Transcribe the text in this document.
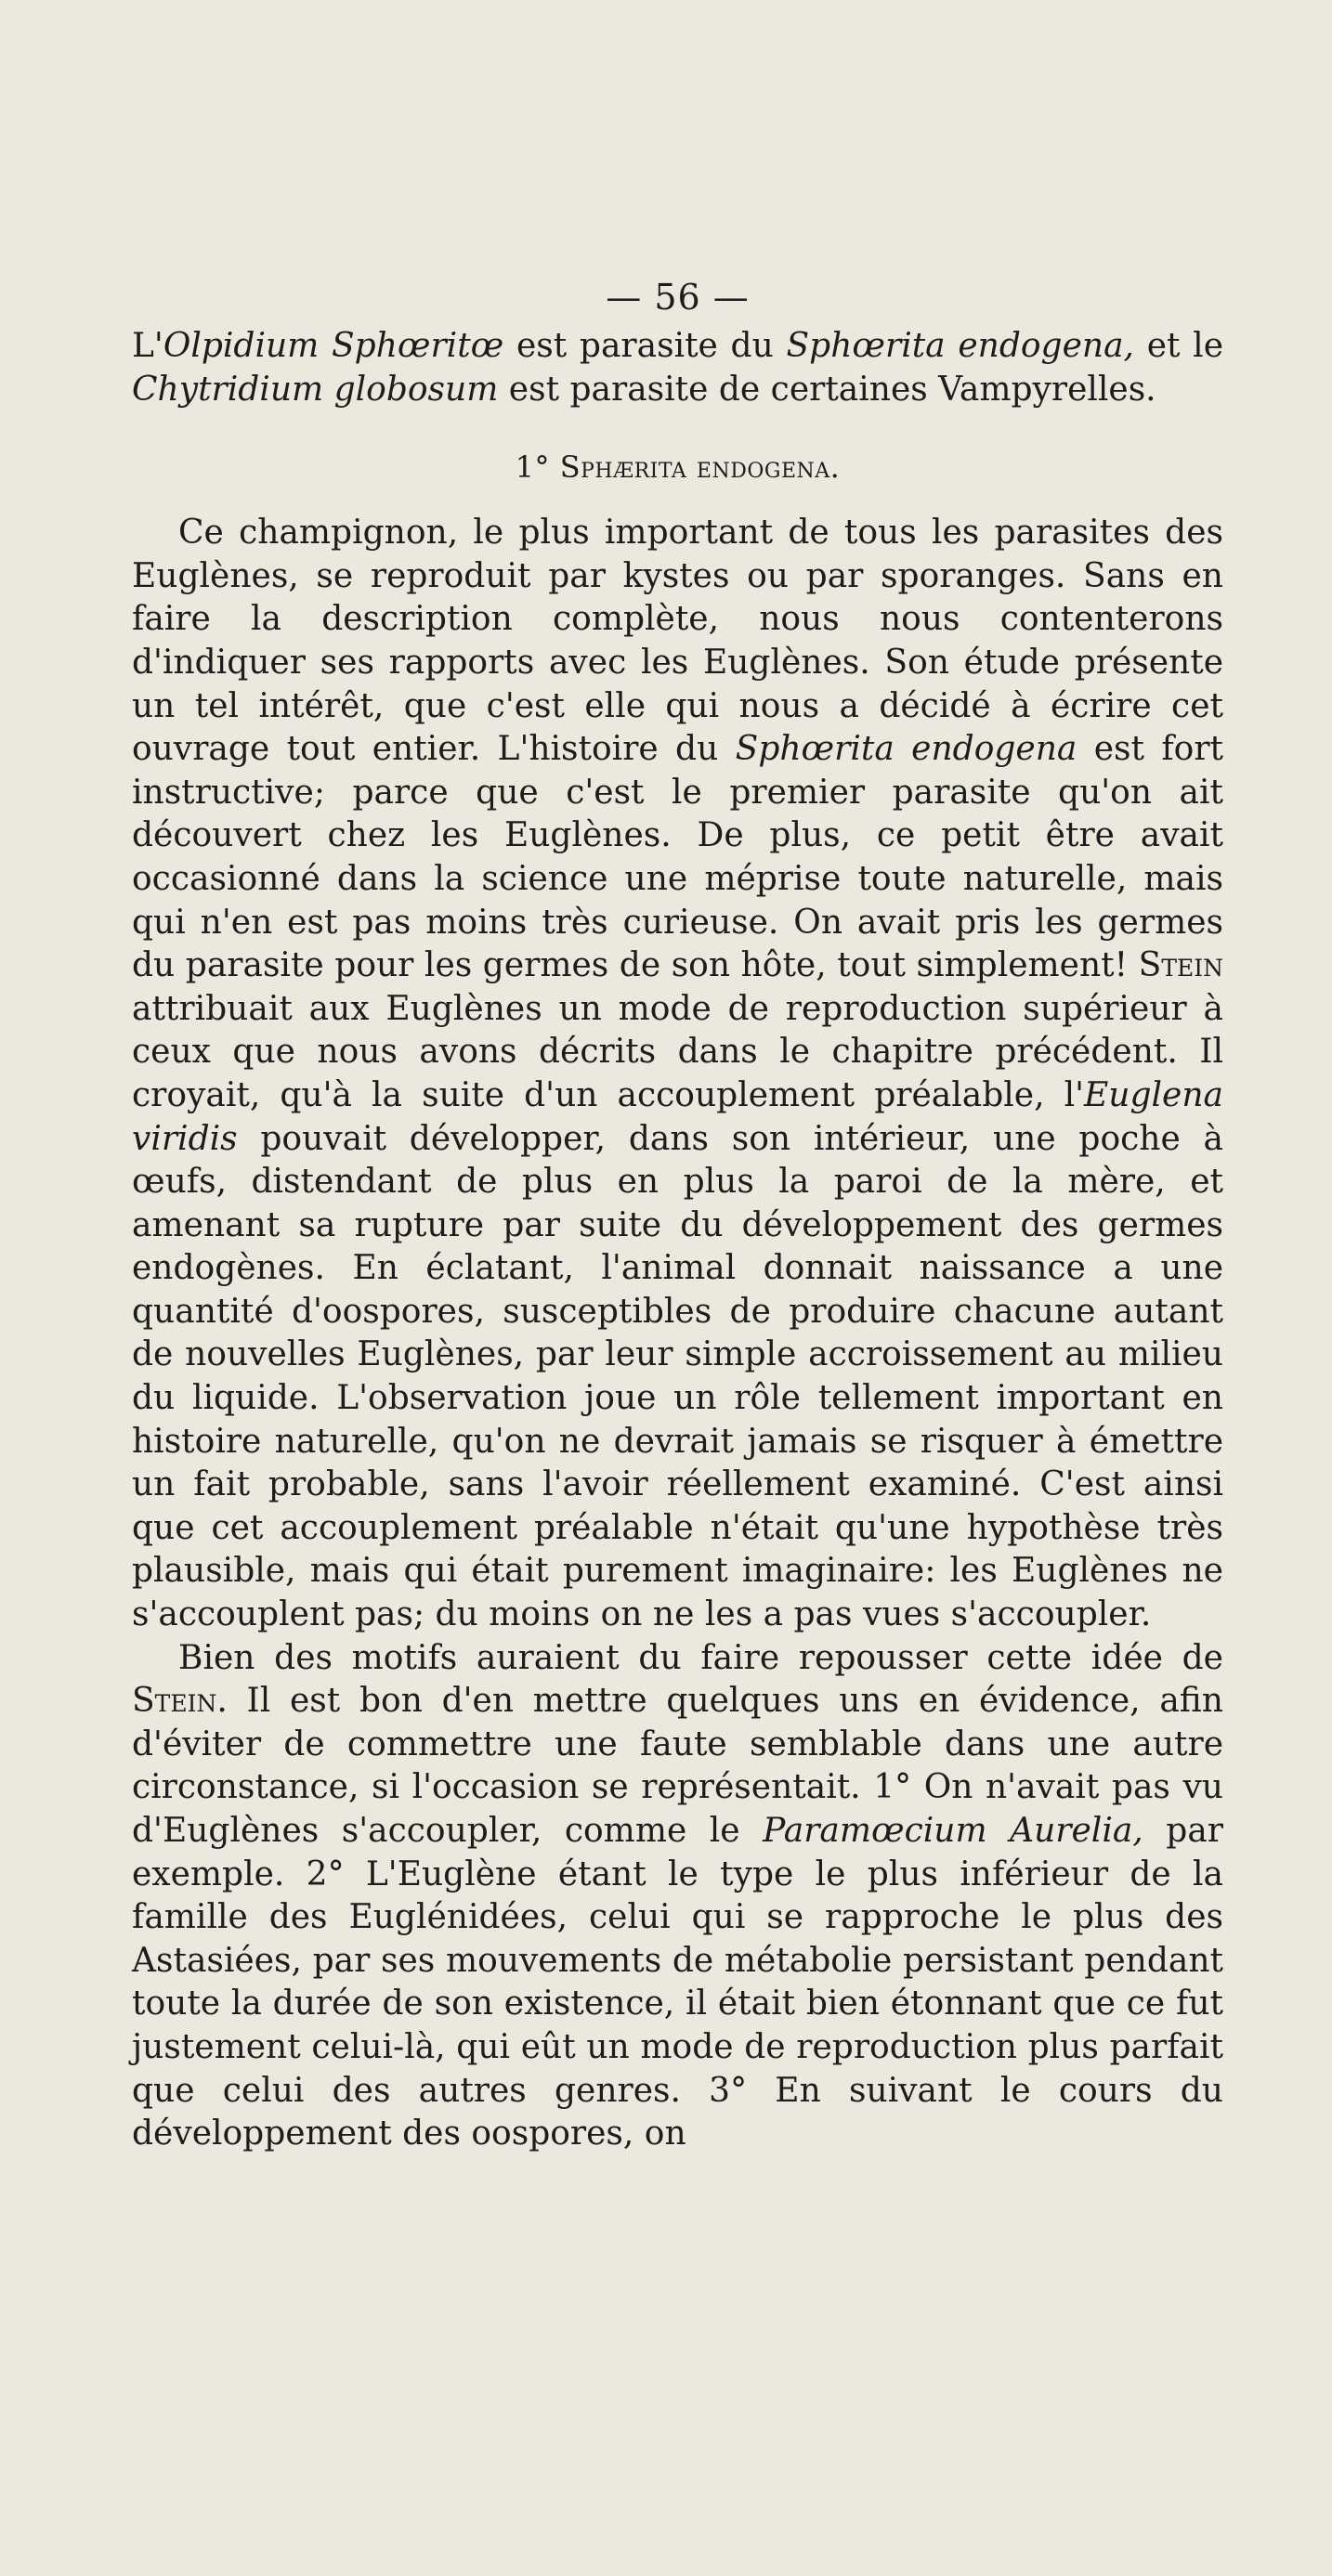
— 56 —

L'Olpidium Sphœritœ est parasite du Sphœrita endogena, et le Chytridium globosum est parasite de certaines Vampyrelles.

1° Sphærita endogena.

Ce champignon, le plus important de tous les parasites des Euglènes, se reproduit par kystes ou par sporanges. Sans en faire la description complète, nous nous contenterons d'indiquer ses rapports avec les Euglènes. Son étude présente un tel intérêt, que c'est elle qui nous a décidé à écrire cet ouvrage tout entier. L'histoire du Sphœrita endogena est fort instructive; parce que c'est le premier parasite qu'on ait découvert chez les Euglènes. De plus, ce petit être avait occasionné dans la science une méprise toute naturelle, mais qui n'en est pas moins très curieuse. On avait pris les germes du parasite pour les germes de son hôte, tout simplement! Stein attribuait aux Euglènes un mode de reproduction supérieur à ceux que nous avons décrits dans le chapitre précédent. Il croyait, qu'à la suite d'un accouplement préalable, l'Euglena viridis pouvait développer, dans son intérieur, une poche à œufs, distendant de plus en plus la paroi de la mère, et amenant sa rupture par suite du développement des germes endogènes. En éclatant, l'animal donnait naissance a une quantité d'oospores, susceptibles de produire chacune autant de nouvelles Euglènes, par leur simple accroissement au milieu du liquide. L'observation joue un rôle tellement important en histoire naturelle, qu'on ne devrait jamais se risquer à émettre un fait probable, sans l'avoir réellement examiné. C'est ainsi que cet accouplement préalable n'était qu'une hypothèse très plausible, mais qui était purement imaginaire: les Euglènes ne s'accouplent pas; du moins on ne les a pas vues s'accoupler.

Bien des motifs auraient du faire repousser cette idée de Stein. Il est bon d'en mettre quelques uns en évidence, afin d'éviter de commettre une faute semblable dans une autre circonstance, si l'occasion se représentait. 1° On n'avait pas vu d'Euglènes s'accoupler, comme le Paramœcium Aurelia, par exemple. 2° L'Euglène étant le type le plus inférieur de la famille des Euglénidées, celui qui se rapproche le plus des Astasiées, par ses mouvements de métabolie persistant pendant toute la durée de son existence, il était bien étonnant que ce fut justement celui-là, qui eût un mode de reproduction plus parfait que celui des autres genres. 3° En suivant le cours du développement des oospores, on
